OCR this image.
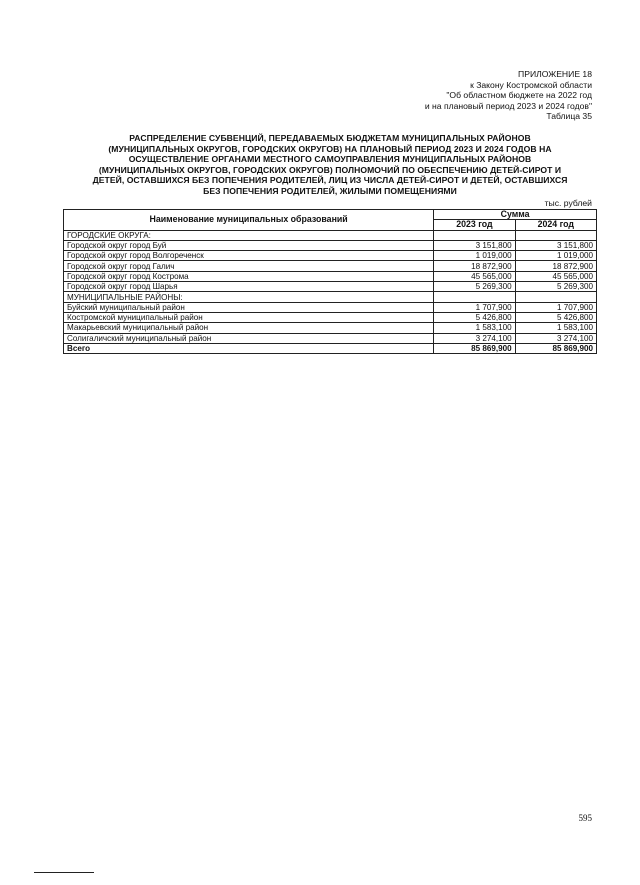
ПРИЛОЖЕНИЕ 18
к Закону Костромской области
"Об областном бюджете на 2022 год
и на плановый период 2023 и 2024 годов"
Таблица 35
РАСПРЕДЕЛЕНИЕ СУБВЕНЦИЙ, ПЕРЕДАВАЕМЫХ БЮДЖЕТАМ МУНИЦИПАЛЬНЫХ РАЙОНОВ
(МУНИЦИПАЛЬНЫХ ОКРУГОВ, ГОРОДСКИХ ОКРУГОВ) НА ПЛАНОВЫЙ ПЕРИОД 2023 И 2024 ГОДОВ НА
ОСУЩЕСТВЛЕНИЕ ОРГАНАМИ МЕСТНОГО САМОУПРАВЛЕНИЯ МУНИЦИПАЛЬНЫХ РАЙОНОВ
(МУНИЦИПАЛЬНЫХ ОКРУГОВ, ГОРОДСКИХ ОКРУГОВ) ПОЛНОМОЧИЙ ПО ОБЕСПЕЧЕНИЮ ДЕТЕЙ-СИРОТ И
ДЕТЕЙ, ОСТАВШИХСЯ БЕЗ ПОПЕЧЕНИЯ РОДИТЕЛЕЙ, ЛИЦ ИЗ ЧИСЛА ДЕТЕЙ-СИРОТ И ДЕТЕЙ, ОСТАВШИХСЯ
БЕЗ ПОПЕЧЕНИЯ РОДИТЕЛЕЙ, ЖИЛЫМИ ПОМЕЩЕНИЯМИ
тыс. рублей
Наименование муниципальных образований	Сумма	
	2023 год	2024 год
ГОРОДСКИЕ ОКРУГА:		
Городской округ город Буй	3 151,800	3 151,800
Городской округ город Волгореченск	1 019,000	1 019,000
Городской округ город Галич	18 872,900	18 872,900
Городской округ город Кострома	45 565,000	45 565,000
Городской округ город Шарья	5 269,300	5 269,300
МУНИЦИПАЛЬНЫЕ РАЙОНЫ:		
Буйский муниципальный район	1 707,900	1 707,900
Костромской муниципальный район	5 426,800	5 426,800
Макарьевский муниципальный район	1 583,100	1 583,100
Солигаличский муниципальный район	3 274,100	3 274,100
Всего	85 869,900	85 869,900
595
